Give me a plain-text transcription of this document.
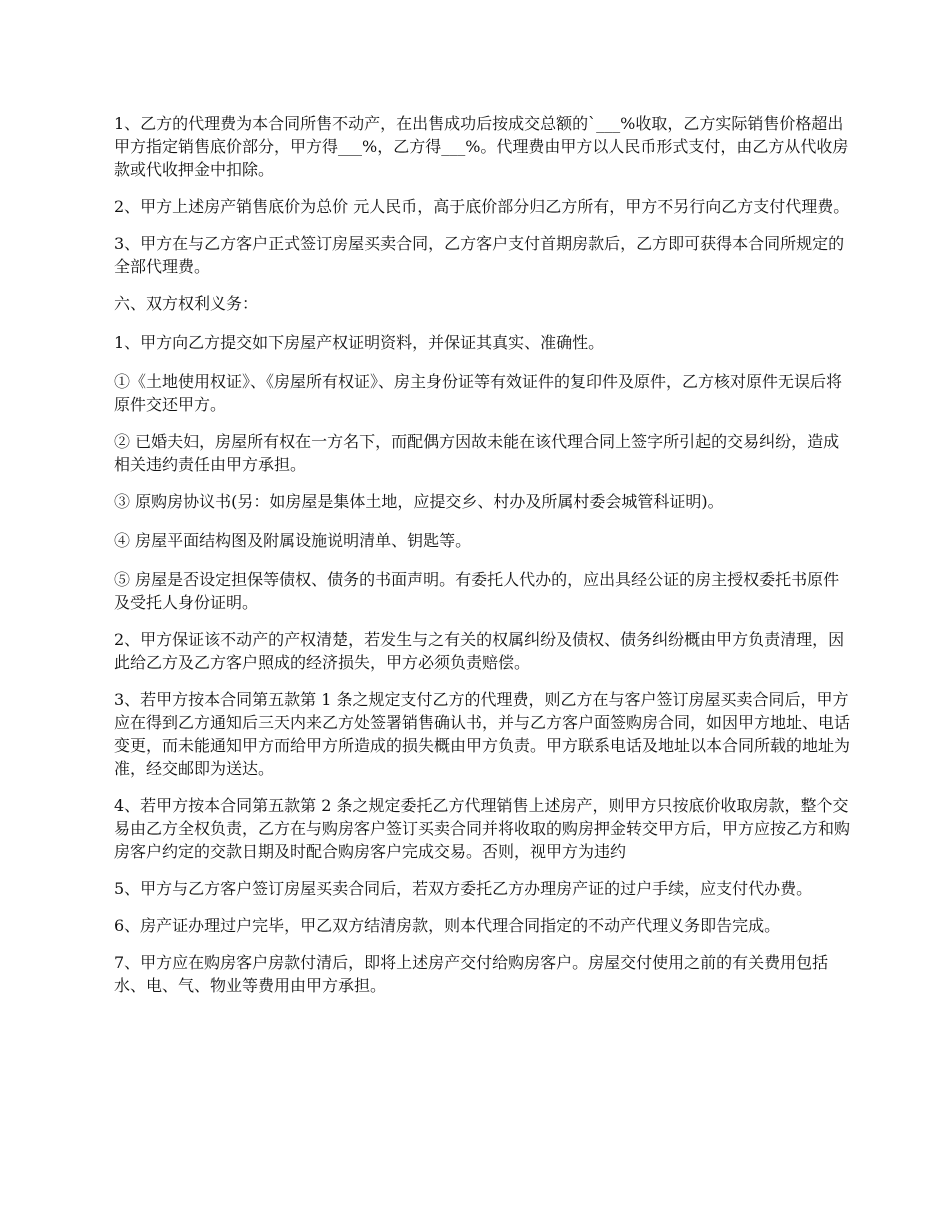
1、乙方的代理费为本合同所售不动产，在出售成功后按成交总额的`___%收取，乙方实际销售价格超出甲方指定销售底价部分，甲方得___%，乙方得___%。代理费由甲方以人民币形式支付，由乙方从代收房款或代收押金中扣除。

2、甲方上述房产销售底价为总价 元人民币，高于底价部分归乙方所有，甲方不另行向乙方支付代理费。

3、甲方在与乙方客户正式签订房屋买卖合同，乙方客户支付首期房款后，乙方即可获得本合同所规定的全部代理费。

六、双方权利义务：

1、甲方向乙方提交如下房屋产权证明资料，并保证其真实、准确性。

①《土地使用权证》、《房屋所有权证》、房主身份证等有效证件的复印件及原件，乙方核对原件无误后将原件交还甲方。

② 已婚夫妇，房屋所有权在一方名下，而配偶方因故未能在该代理合同上签字所引起的交易纠纷，造成相关违约责任由甲方承担。

③ 原购房协议书(另：如房屋是集体土地，应提交乡、村办及所属村委会城管科证明)。

④ 房屋平面结构图及附属设施说明清单、钥匙等。

⑤ 房屋是否设定担保等债权、债务的书面声明。有委托人代办的，应出具经公证的房主授权委托书原件及受托人身份证明。

2、甲方保证该不动产的产权清楚，若发生与之有关的权属纠纷及债权、债务纠纷概由甲方负责清理，因此给乙方及乙方客户照成的经济损失，甲方必须负责赔偿。

3、若甲方按本合同第五款第 1 条之规定支付乙方的代理费，则乙方在与客户签订房屋买卖合同后，甲方应在得到乙方通知后三天内来乙方处签署销售确认书，并与乙方客户面签购房合同，如因甲方地址、电话变更，而未能通知甲方而给甲方所造成的损失概由甲方负责。甲方联系电话及地址以本合同所载的地址为准，经交邮即为送达。

4、若甲方按本合同第五款第 2 条之规定委托乙方代理销售上述房产，则甲方只按底价收取房款，整个交易由乙方全权负责，乙方在与购房客户签订买卖合同并将收取的购房押金转交甲方后，甲方应按乙方和购房客户约定的交款日期及时配合购房客户完成交易。否则，视甲方为违约

5、甲方与乙方客户签订房屋买卖合同后，若双方委托乙方办理房产证的过户手续，应支付代办费。

6、房产证办理过户完毕，甲乙双方结清房款，则本代理合同指定的不动产代理义务即告完成。

7、甲方应在购房客户房款付清后，即将上述房产交付给购房客户。房屋交付使用之前的有关费用包括水、电、气、物业等费用由甲方承担。
